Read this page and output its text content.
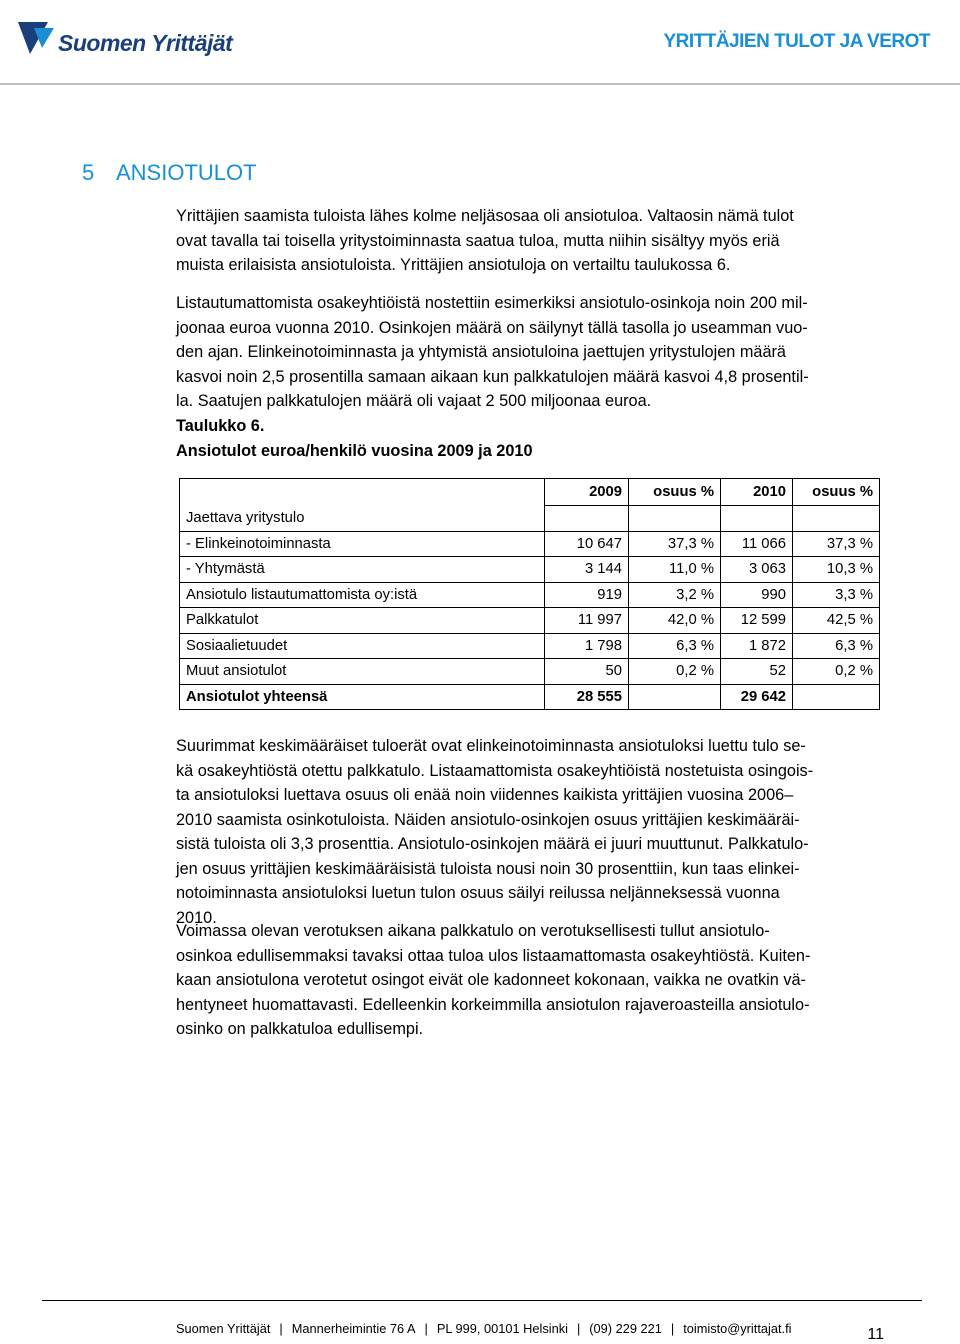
Suomen Yrittäjät	YRITTÄJIEN TULOT JA VEROT
5 ANSIOTULOT
Yrittäjien saamista tuloista lähes kolme neljäsosaa oli ansiotuloa. Valtaosin nämä tulot
ovat tavalla tai toisella yritystoiminnasta saatua tuloa, mutta niihin sisältyy myös eriä
muista erilaisista ansiotuloista. Yrittäjien ansiotuloja on vertailtu taulukossa 6.
Listautumattomista osakeyhtiöistä nostettiin esimerkiksi ansiotulo-osinkoja noin 200 mil-
joonaa euroa vuonna 2010. Osinkojen määrä on säilynyt tällä tasolla jo useamman vuo-
den ajan. Elinkeinotoiminnasta ja yhtymistä ansiotuloina jaettujen yritystulojen määrä
kasvoi noin 2,5 prosentilla samaan aikaan kun palkkatulojen määrä kasvoi 4,8 prosentil-
la. Saatujen palkkatulojen määrä oli vajaat 2 500 miljoonaa euroa.
Taulukko 6.
Ansiotulot euroa/henkilö vuosina 2009 ja 2010
	2009	osuus %	2010	osuus %
Jaettava yritystulo				
- Elinkeinotoiminnasta	10 647	37,3 %	11 066	37,3 %
- Yhtymästä	3 144	11,0 %	3 063	10,3 %
Ansiotulo listautumattomista oy:istä	919	3,2 %	990	3,3 %
Palkkatulot	11 997	42,0 %	12 599	42,5 %
Sosiaalietuudet	1 798	6,3 %	1 872	6,3 %
Muut ansiotulot	50	0,2 %	52	0,2 %
Ansiotulot yhteensä	28 555		29 642	
Suurimmat keskimääräiset tuloerät ovat elinkeinotoiminnasta ansiotuloksi luettu tulo se-
kä osakeyhtiöstä otettu palkkatulo. Listaamattomista osakeyhtiöistä nostetuista osingois-
ta ansiotuloksi luettava osuus oli enää noin viidennes kaikista yrittäjien vuosina 2006–
2010 saamista osinkotuloista. Näiden ansiotulo-osinkojen osuus yrittäjien keskimääräi-
sistä tuloista oli 3,3 prosenttia. Ansiotulo-osinkojen määrä ei juuri muuttunut. Palkkatulo-
jen osuus yrittäjien keskimääräisistä tuloista nousi noin 30 prosenttiin, kun taas elinkei-
notoiminnasta ansiotuloksi luetun tulon osuus säilyi reilussa neljänneksessä vuonna
2010.
Voimassa olevan verotuksen aikana palkkatulo on verotuksellisesti tullut ansiotulo-
osinkoa edullisemmaksi tavaksi ottaa tuloa ulos listaamattomasta osakeyhtiöstä. Kuiten-
kaan ansiotulona verotetut osingot eivät ole kadonneet kokonaan, vaikka ne ovatkin vä-
hentyneet huomattavasti. Edelleenkin korkeimmilla ansiotulon rajaveroasteilla ansiotulo-
osinko on palkkatuloa edullisempi.
Suomen Yrittäjät | Mannerheimintie 76 A | PL 999, 00101 Helsinki | (09) 229 221 | toimisto@yrittajat.fi	11
